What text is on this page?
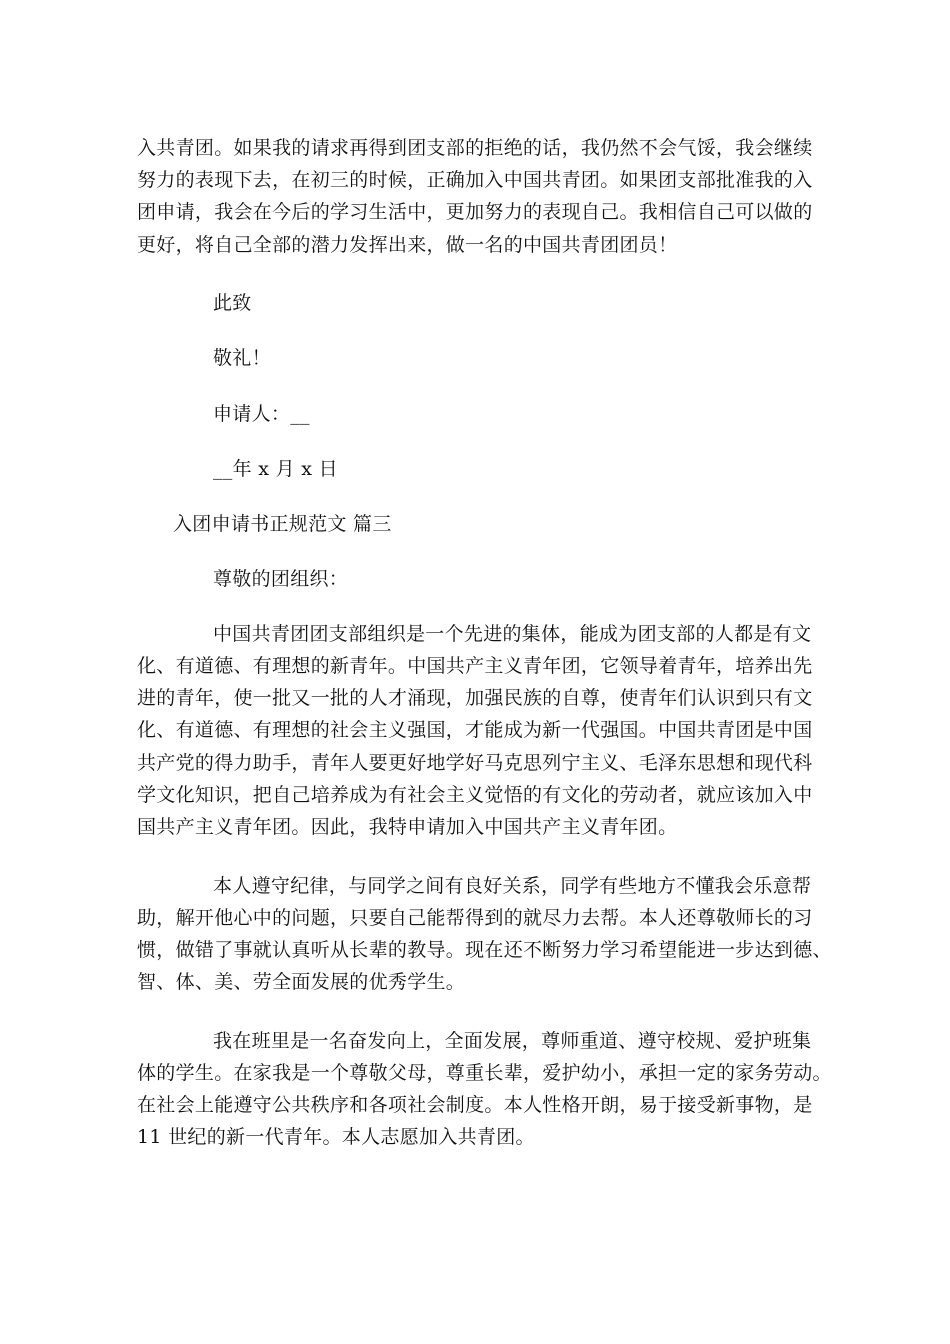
入共青团。如果我的请求再得到团支部的拒绝的话，我仍然不会气馁，我会继续
努力的表现下去，在初三的时候，正确加入中国共青团。如果团支部批准我的入
团申请，我会在今后的学习生活中，更加努力的表现自己。我相信自己可以做的
更好，将自己全部的潜力发挥出来，做一名的中国共青团团员！
此致
敬礼！
申请人：__
__年 x 月 x 日
入团申请书正规范文 篇三
尊敬的团组织：
中国共青团团支部组织是一个先进的集体，能成为团支部的人都是有文
化、有道德、有理想的新青年。中国共产主义青年团，它领导着青年，培养出先
进的青年，使一批又一批的人才涌现，加强民族的自尊，使青年们认识到只有文
化、有道德、有理想的社会主义强国，才能成为新一代强国。中国共青团是中国
共产党的得力助手，青年人要更好地学好马克思列宁主义、毛泽东思想和现代科
学文化知识，把自己培养成为有社会主义觉悟的有文化的劳动者，就应该加入中
国共产主义青年团。因此，我特申请加入中国共产主义青年团。
本人遵守纪律，与同学之间有良好关系，同学有些地方不懂我会乐意帮
助，解开他心中的问题，只要自己能帮得到的就尽力去帮。本人还尊敬师长的习
惯，做错了事就认真听从长辈的教导。现在还不断努力学习希望能进一步达到德、
智、体、美、劳全面发展的优秀学生。
我在班里是一名奋发向上，全面发展，尊师重道、遵守校规、爱护班集
体的学生。在家我是一个尊敬父母，尊重长辈，爱护幼小，承担一定的家务劳动。
在社会上能遵守公共秩序和各项社会制度。本人性格开朗，易于接受新事物，是
11 世纪的新一代青年。本人志愿加入共青团。
